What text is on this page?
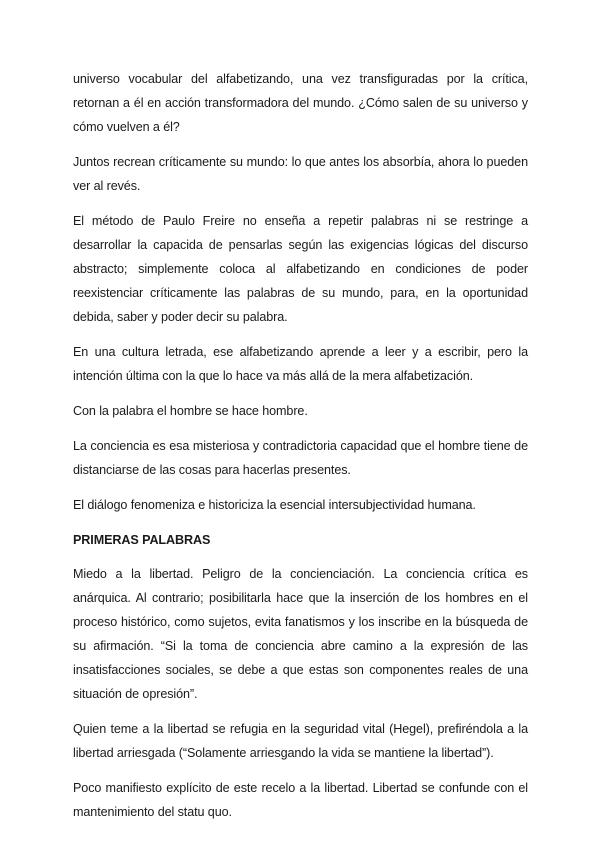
universo vocabular del alfabetizando, una vez transfiguradas por la crítica, retornan a él en acción transformadora del mundo. ¿Cómo salen de su universo y cómo vuelven a él?

Juntos recrean críticamente su mundo: lo que antes los absorbía, ahora lo pueden ver al revés.

El método de Paulo Freire no enseña a repetir palabras ni se restringe a desarrollar la capacida de pensarlas según las exigencias lógicas del discurso abstracto; simplemente coloca al alfabetizando en condiciones de poder reexistenciar críticamente las palabras de su mundo, para, en la oportunidad debida, saber y poder decir su palabra.

En una cultura letrada, ese alfabetizando aprende a leer y a escribir, pero la intención última con la que lo hace va más allá de la mera alfabetización.

Con la palabra el hombre se hace hombre.

La conciencia es esa misteriosa y contradictoria capacidad que el hombre tiene de distanciarse de las cosas para hacerlas presentes.

El diálogo fenomeniza e historiciza la esencial intersubjectividad humana.

PRIMERAS PALABRAS

Miedo a la libertad. Peligro de la concienciación. La conciencia crítica es anárquica. Al contrario; posibilitarla hace que la inserción de los hombres en el proceso histórico, como sujetos, evita fanatismos y los inscribe en la búsqueda de su afirmación. “Si la toma de conciencia abre camino a la expresión de las insatisfacciones sociales, se debe a que estas son componentes reales de una situación de opresión”.

Quien teme a la libertad se refugia en la seguridad vital (Hegel), prefiréndola a la libertad arriesgada (“Solamente arriesgando la vida se mantiene la libertad”).

Poco manifiesto explícito de este recelo a la libertad. Libertad se confunde con el mantenimiento del statu quo.
